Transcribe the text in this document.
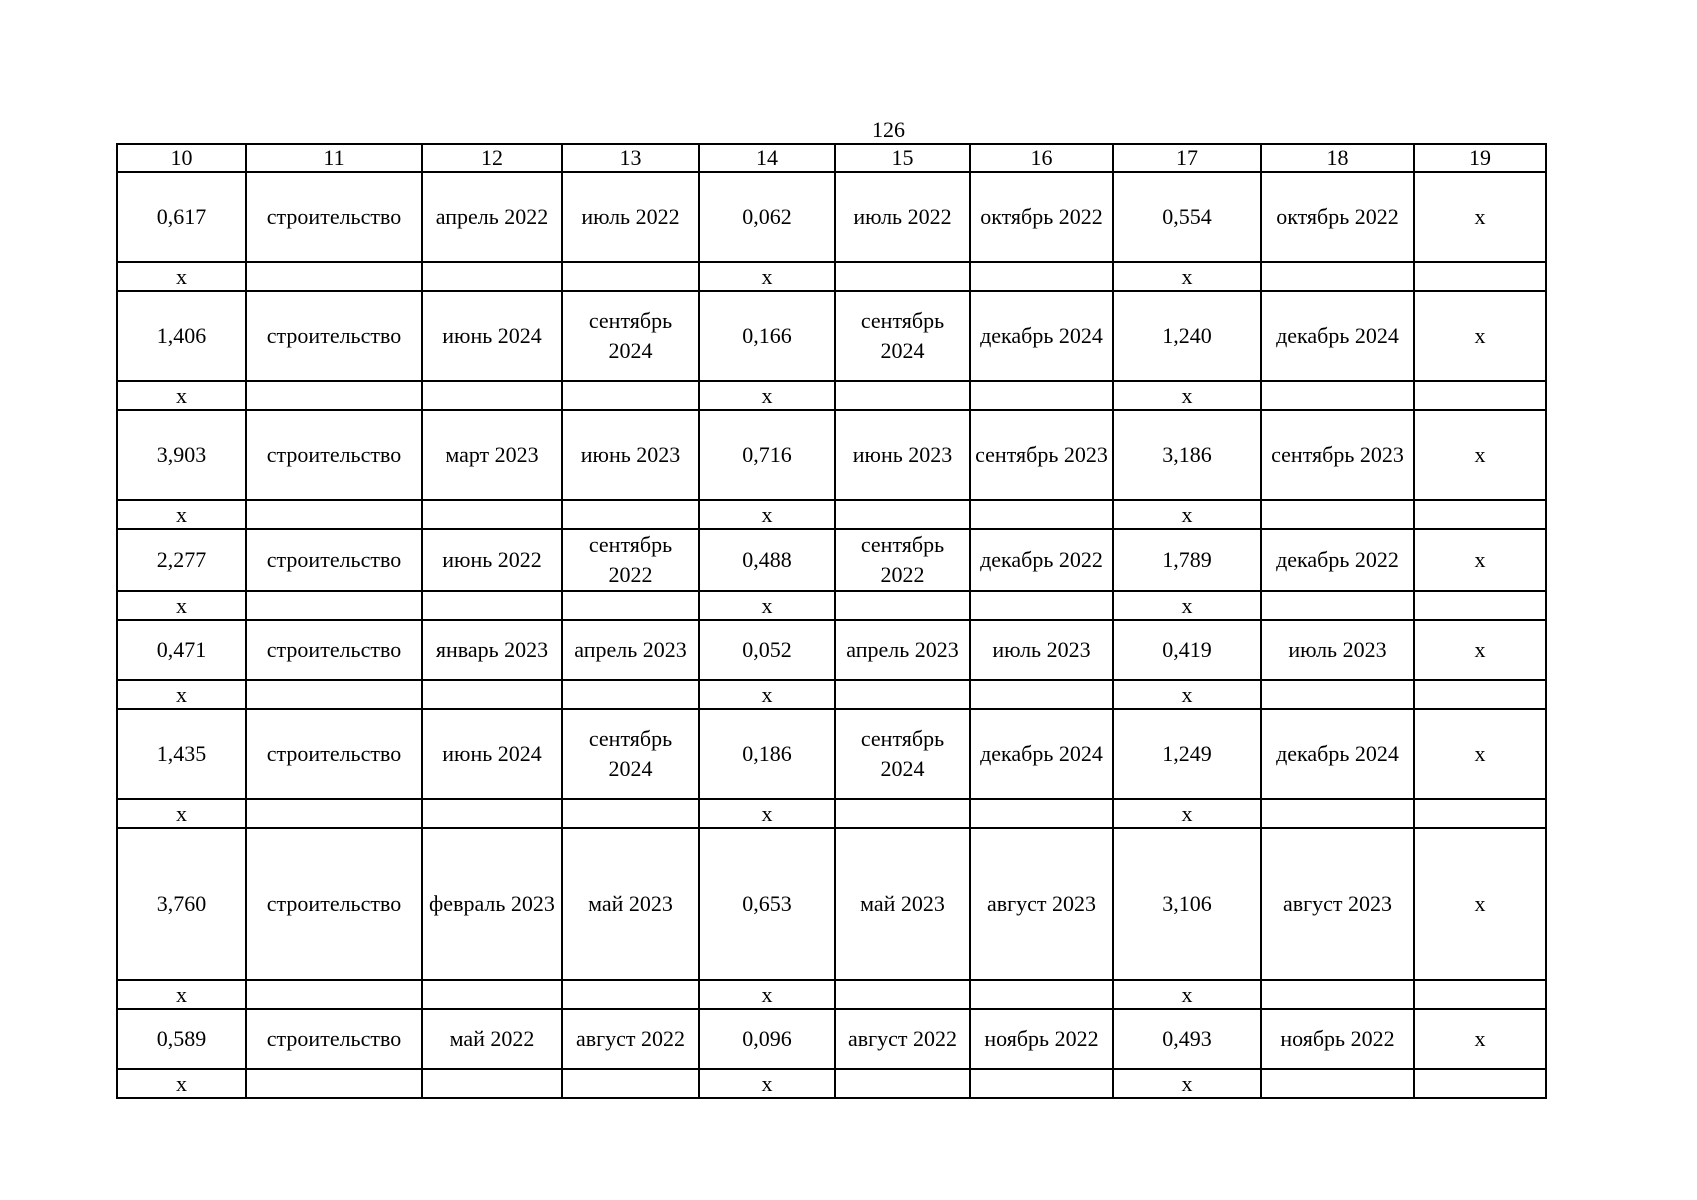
126
10	11	12	13	14	15	16	17	18	19
0,617	строительство	апрель 2022	июль 2022	0,062	июль 2022	октябрь 2022	0,554	октябрь 2022	х
х				х			х		
1,406	строительство	июнь 2024	сентябрь 2024	0,166	сентябрь 2024	декабрь 2024	1,240	декабрь 2024	х
х				х			х		
3,903	строительство	март 2023	июнь 2023	0,716	июнь 2023	сентябрь 2023	3,186	сентябрь 2023	х
х				х			х		
2,277	строительство	июнь 2022	сентябрь 2022	0,488	сентябрь 2022	декабрь 2022	1,789	декабрь 2022	х
х				х			х		
0,471	строительство	январь 2023	апрель 2023	0,052	апрель 2023	июль 2023	0,419	июль 2023	х
х				х			х		
1,435	строительство	июнь 2024	сентябрь 2024	0,186	сентябрь 2024	декабрь 2024	1,249	декабрь 2024	х
х				х			х		
3,760	строительство	февраль 2023	май 2023	0,653	май 2023	август 2023	3,106	август 2023	х
х				х			х		
0,589	строительство	май 2022	август 2022	0,096	август 2022	ноябрь 2022	0,493	ноябрь 2022	х
х				х			х		
